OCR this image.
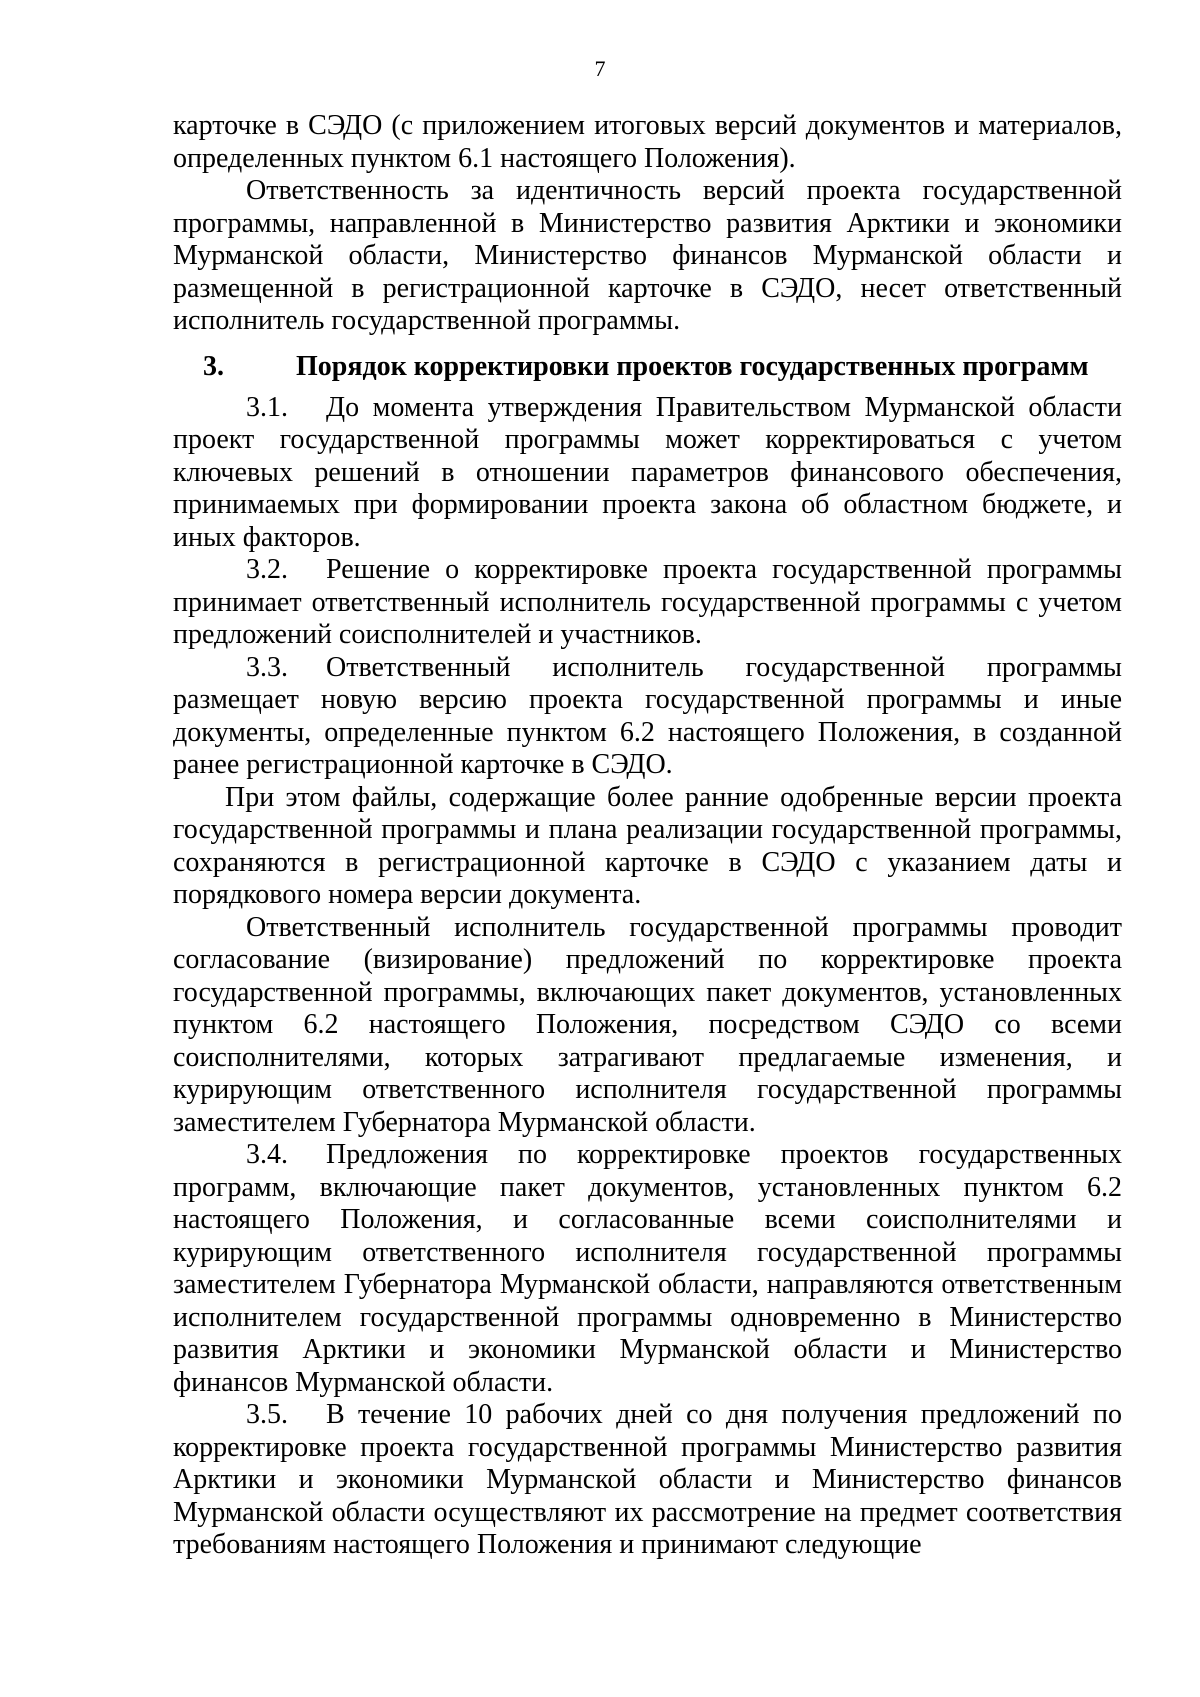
7

карточке в СЭДО (с приложением итоговых версий документов и материалов, определенных пунктом 6.1 настоящего Положения).

Ответственность за идентичность версий проекта государственной программы, направленной в Министерство развития Арктики и экономики Мурманской области, Министерство финансов Мурманской области и размещенной в регистрационной карточке в СЭДО, несет ответственный исполнитель государственной программы.

3.	Порядок корректировки проектов государственных программ

3.1. До момента утверждения Правительством Мурманской области проект государственной программы может корректироваться с учетом ключевых решений в отношении параметров финансового обеспечения, принимаемых при формировании проекта закона об областном бюджете, и иных факторов.

3.2. Решение о корректировке проекта государственной программы принимает ответственный исполнитель государственной программы с учетом предложений соисполнителей и участников.

3.3. Ответственный исполнитель государственной программы размещает новую версию проекта государственной программы и иные документы, определенные пунктом 6.2 настоящего Положения, в созданной ранее регистрационной карточке в СЭДО.

При этом файлы, содержащие более ранние одобренные версии проекта государственной программы и плана реализации государственной программы, сохраняются в регистрационной карточке в СЭДО с указанием даты и порядкового номера версии документа.

Ответственный исполнитель государственной программы проводит согласование (визирование) предложений по корректировке проекта государственной программы, включающих пакет документов, установленных пунктом 6.2 настоящего Положения, посредством СЭДО со всеми соисполнителями, которых затрагивают предлагаемые изменения, и курирующим ответственного исполнителя государственной программы заместителем Губернатора Мурманской области.

3.4. Предложения по корректировке проектов государственных программ, включающие пакет документов, установленных пунктом 6.2 настоящего Положения, и согласованные всеми соисполнителями и курирующим ответственного исполнителя государственной программы заместителем Губернатора Мурманской области, направляются ответственным исполнителем государственной программы одновременно в Министерство развития Арктики и экономики Мурманской области и Министерство финансов Мурманской области.

3.5. В течение 10 рабочих дней со дня получения предложений по корректировке проекта государственной программы Министерство развития Арктики и экономики Мурманской области и Министерство финансов Мурманской области осуществляют их рассмотрение на предмет соответствия требованиям настоящего Положения и принимают следующие
